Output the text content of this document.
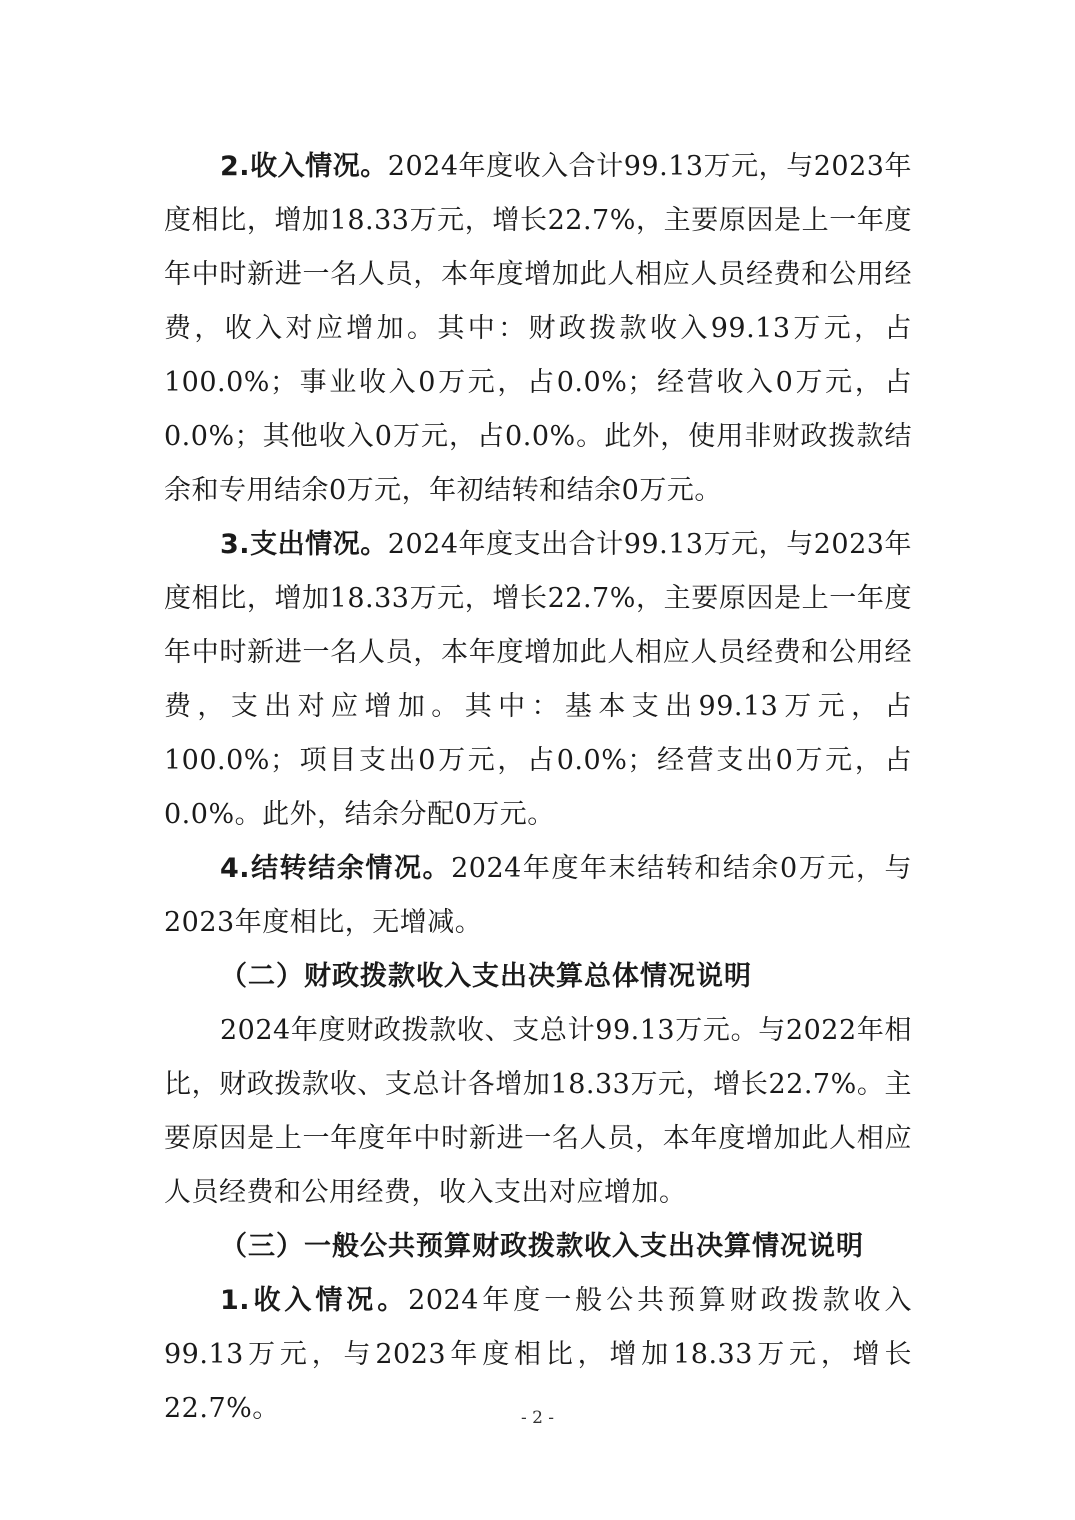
2.收入情况。2024年度收入合计99.13万元，与2023年度相比，增加18.33万元，增长22.7%，主要原因是上一年度年中时新进一名人员，本年度增加此人相应人员经费和公用经费，收入对应增加。其中：财政拨款收入99.13万元，占100.0%；事业收入0万元，占0.0%；经营收入0万元，占0.0%；其他收入0万元，占0.0%。此外，使用非财政拨款结余和专用结余0万元，年初结转和结余0万元。

3.支出情况。2024年度支出合计99.13万元，与2023年度相比，增加18.33万元，增长22.7%，主要原因是上一年度年中时新进一名人员，本年度增加此人相应人员经费和公用经费，支出对应增加。其中：基本支出99.13万元，占100.0%；项目支出0万元，占0.0%；经营支出0万元，占0.0%。此外，结余分配0万元。

4.结转结余情况。2024年度年末结转和结余0万元，与2023年度相比，无增减。

（二）财政拨款收入支出决算总体情况说明

2024年度财政拨款收、支总计99.13万元。与2022年相比，财政拨款收、支总计各增加18.33万元，增长22.7%。主要原因是上一年度年中时新进一名人员，本年度增加此人相应人员经费和公用经费，收入支出对应增加。

（三）一般公共预算财政拨款收入支出决算情况说明

1.收入情况。2024年度一般公共预算财政拨款收入99.13万元，与2023年度相比，增加18.33万元，增长22.7%。	- 2 -
